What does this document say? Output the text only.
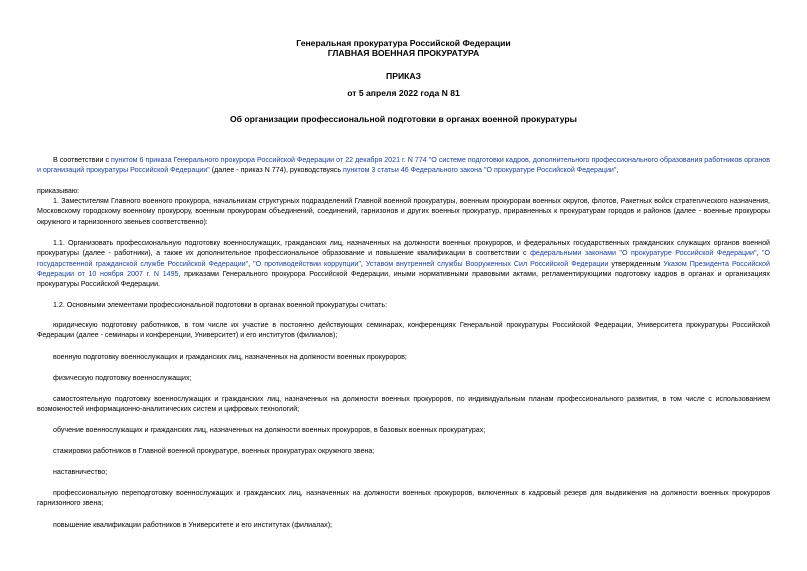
Генеральная прокуратура Российской Федерации
ГЛАВНАЯ ВОЕННАЯ ПРОКУРАТУРА
ПРИКАЗ
от 5 апреля 2022 года N 81
Об организации профессиональной подготовки в органах военной прокуратуры
В соответствии с пунктом 6 приказа Генерального прокурора Российской Федерации от 22 декабря 2021 г. N 774 "О системе подготовки кадров, дополнительного профессионального образования работников органов и организаций прокуратуры Российской Федерации" (далее - приказ N 774), руководствуясь пунктом 3 статьи 46 Федерального закона "О прокуратуре Российской Федерации",
приказываю:
1. Заместителям Главного военного прокурора, начальникам структурных подразделений Главной военной прокуратуры, военным прокурорам военных округов, флотов, Ракетных войск стратегического назначения, Московскому городскому военному прокурору, военным прокурорам объединений, соединений, гарнизонов и других военных прокуратур, приравненных к прокуратурам городов и районов (далее - военные прокуроры окружного и гарнизонного звеньев соответственно):
1.1. Организовать профессиональную подготовку военнослужащих, гражданских лиц, назначенных на должности военных прокуроров, и федеральных государственных гражданских служащих органов военной прокуратуры (далее - работники), а также их дополнительное профессиональное образование и повышение квалификации в соответствии с федеральными законами "О прокуратуре Российской Федерации", "О государственной гражданской службе Российской Федерации", "О противодействии коррупции", Уставом внутренней службы Вооруженных Сил Российской Федерации утвержденным Указом Президента Российской Федерации от 10 ноября 2007 г. N 1495, приказами Генерального прокурора Российской Федерации, иными нормативными правовыми актами, регламентирующими подготовку кадров в органах и организациях прокуратуры Российской Федерации.
1.2. Основными элементами профессиональной подготовки в органах военной прокуратуры считать:
юридическую подготовку работников, в том числе их участие в постоянно действующих семинарах, конференциях Генеральной прокуратуры Российской Федерации, Университета прокуратуры Российской Федерации (далее - семинары и конференции, Университет) и его институтов (филиалов);
военную подготовку военнослужащих и гражданских лиц, назначенных на должности военных прокуроров;
физическую подготовку военнослужащих;
самостоятельную подготовку военнослужащих и гражданских лиц, назначенных на должности военных прокуроров, по индивидуальным планам профессионального развития, в том числе с использованием возможностей информационно-аналитических систем и цифровых технологий;
обучение военнослужащих и гражданских лиц, назначенных на должности военных прокуроров, в базовых военных прокуратурах;
стажировки работников в Главной военной прокуратуре, военных прокуратурах окружного звена;
наставничество;
профессиональную переподготовку военнослужащих и гражданских лиц, назначенных на должности военных прокуроров, включенных в кадровый резерв для выдвижения на должности военных прокуроров гарнизонного звена;
повышение квалификации работников в Университете и его институтах (филиалах);
